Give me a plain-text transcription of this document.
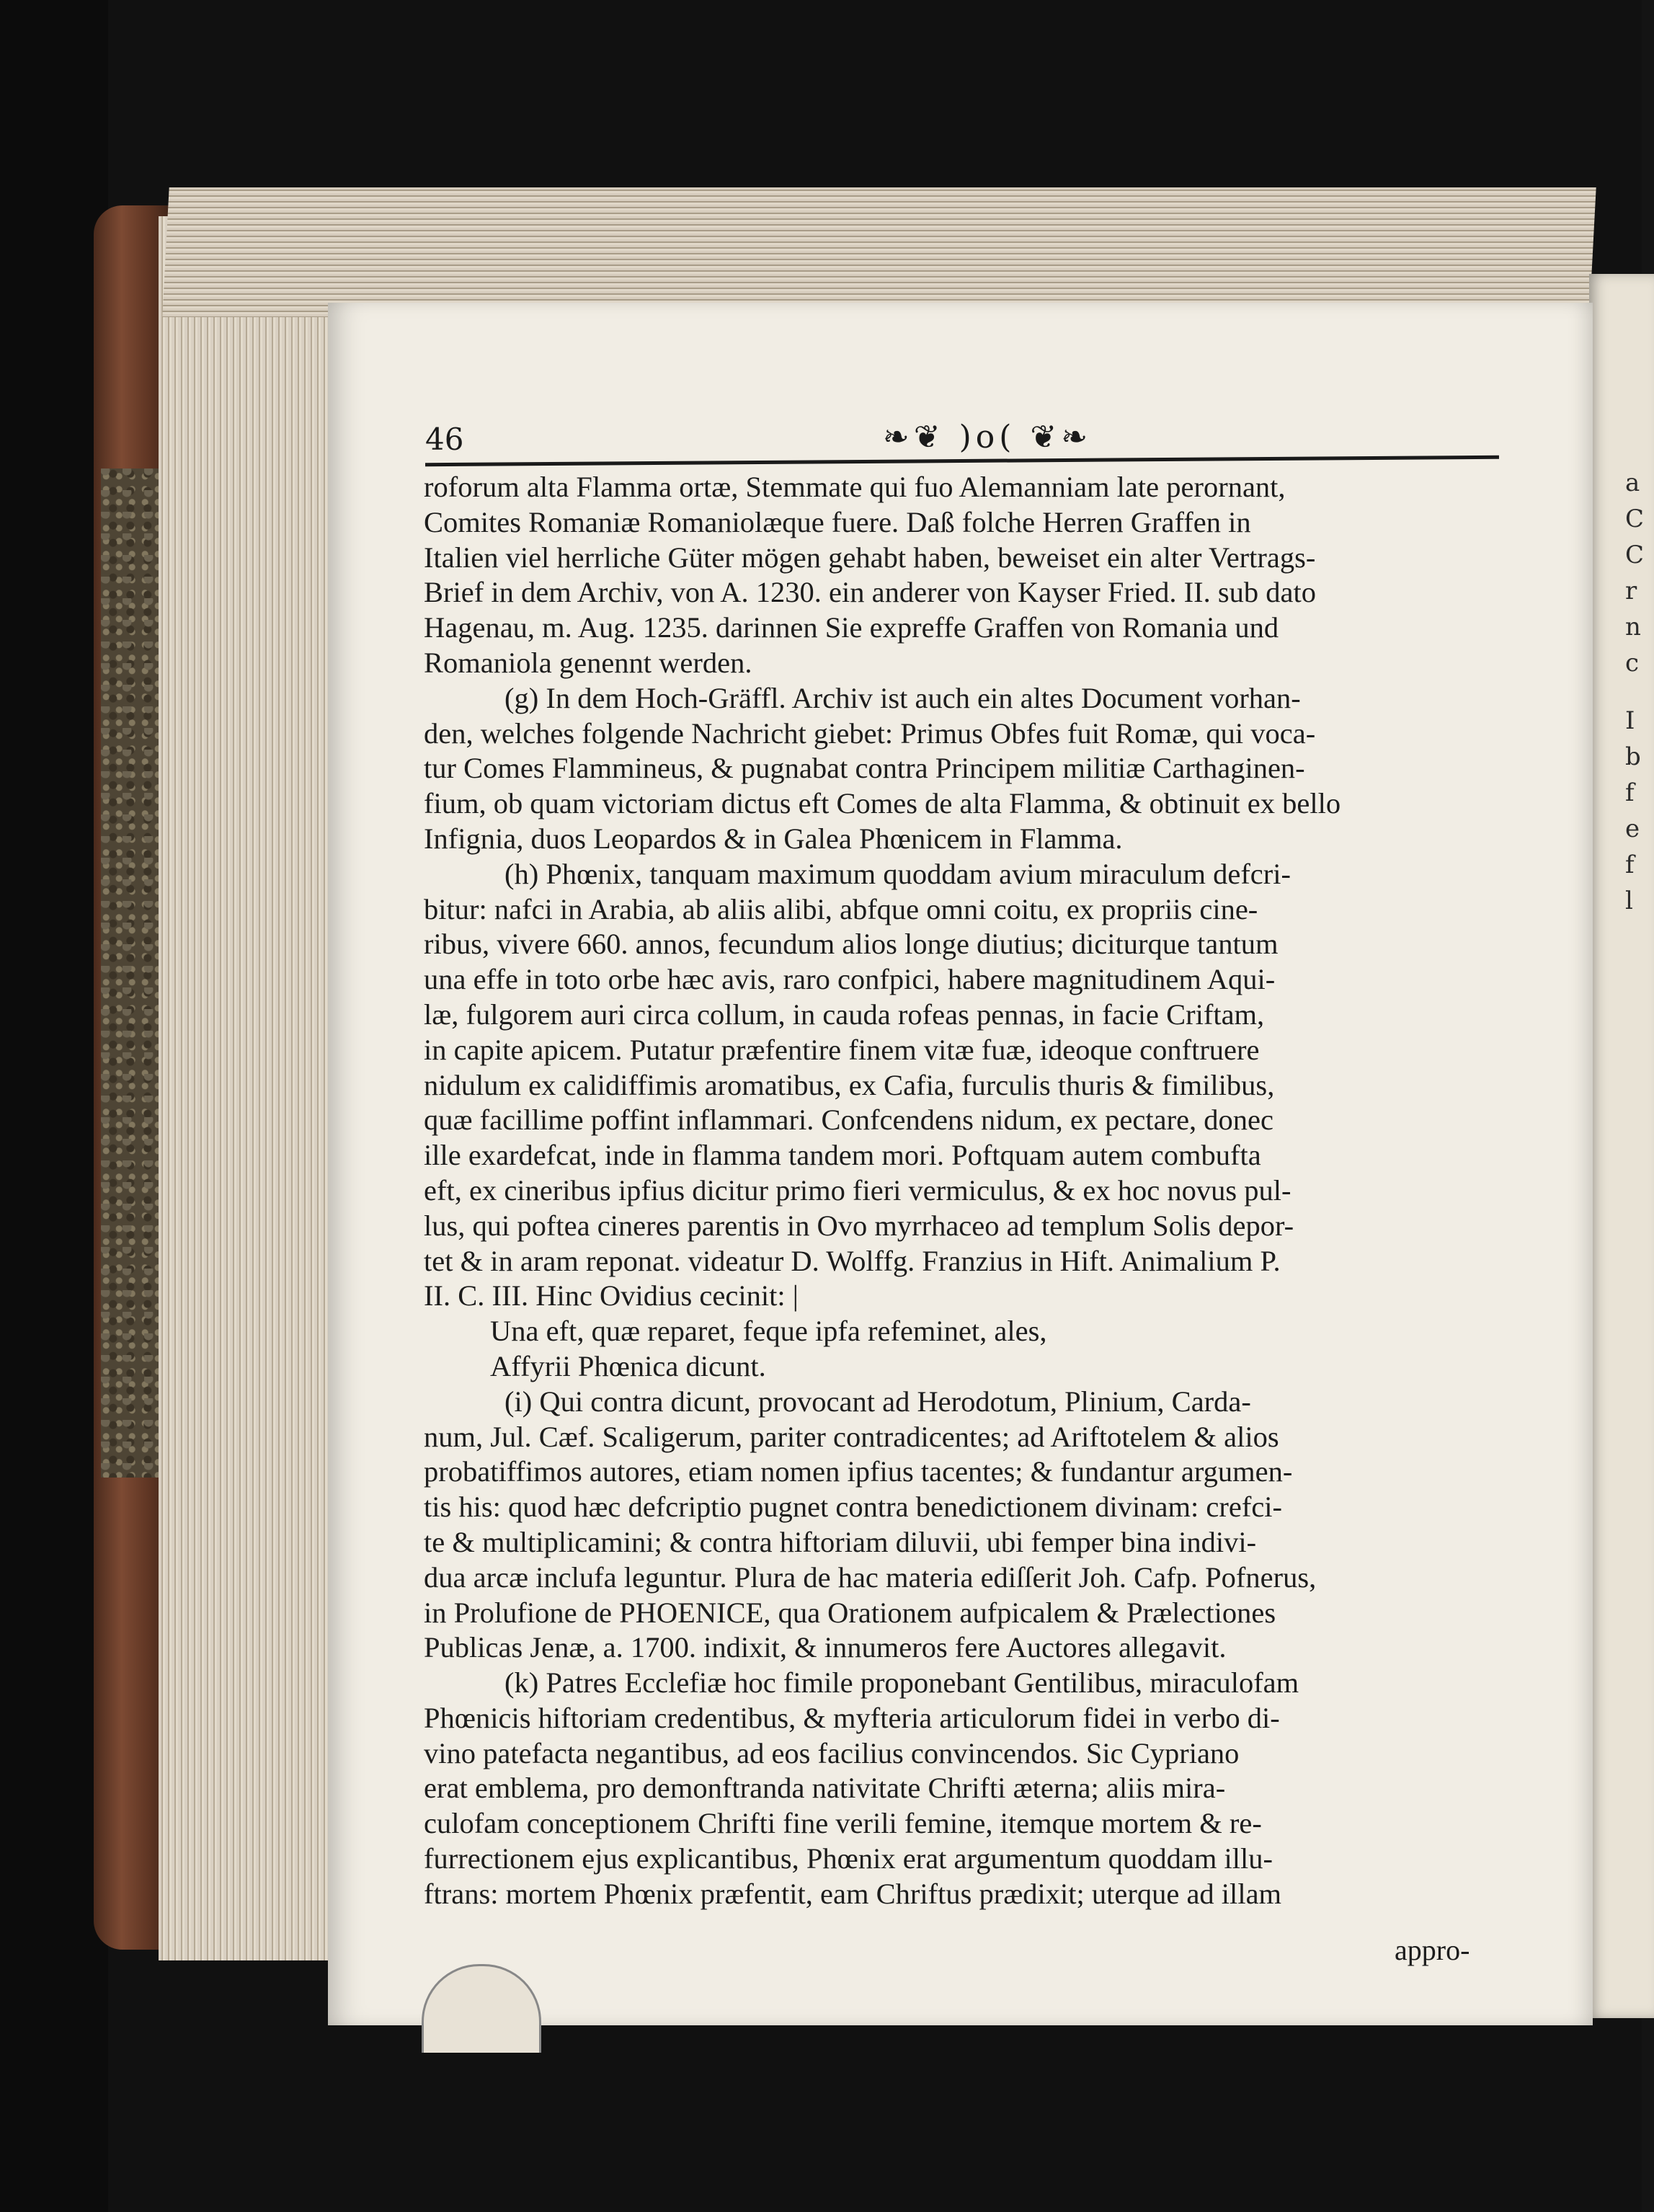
a
C
C
r
n
c
I
b
f
e
f
l
46	❧❦ )o( ❦❧
roforum alta Flamma ortæ, Stemmate qui fuo Alemanniam late perornant,
Comites Romaniæ Romaniolæque fuere. Daß folche Herren Graffen in
Italien viel herrliche Güter mögen gehabt haben, beweiset ein alter Vertrags-
Brief in dem Archiv, von A. 1230. ein anderer von Kayser Fried. II. sub dato
Hagenau, m. Aug. 1235. darinnen Sie expreffe Graffen von Romania und
Romaniola genennt werden.
(g) In dem Hoch-Gräffl. Archiv ist auch ein altes Document vorhan-
den, welches folgende Nachricht giebet: Primus Obfes fuit Romæ, qui voca-
tur Comes Flammineus, & pugnabat contra Principem militiæ Carthaginen-
fium, ob quam victoriam dictus eft Comes de alta Flamma, & obtinuit ex bello
Infignia, duos Leopardos & in Galea Phœnicem in Flamma.
(h) Phœnix, tanquam maximum quoddam avium miraculum defcri-
bitur: nafci in Arabia, ab aliis alibi, abfque omni coitu, ex propriis cine-
ribus, vivere 660. annos, fecundum alios longe diutius; diciturque tantum
una effe in toto orbe hæc avis, raro confpici, habere magnitudinem Aqui-
læ, fulgorem auri circa collum, in cauda rofeas pennas, in facie Criftam,
in capite apicem. Putatur præfentire finem vitæ fuæ, ideoque conftruere
nidulum ex calidiffimis aromatibus, ex Cafia, furculis thuris & fimilibus,
quæ facillime poffint inflammari. Confcendens nidum, ex pectare, donec
ille exardefcat, inde in flamma tandem mori. Poftquam autem combufta
eft, ex cineribus ipfius dicitur primo fieri vermiculus, & ex hoc novus pul-
lus, qui poftea cineres parentis in Ovo myrrhaceo ad templum Solis depor-
tet & in aram reponat. videatur D. Wolffg. Franzius in Hift. Animalium P.
II. C. III. Hinc Ovidius cecinit: |
Una eft, quæ reparet, feque ipfa refeminet, ales,
Affyrii Phœnica dicunt.
(i) Qui contra dicunt, provocant ad Herodotum, Plinium, Carda-
num, Jul. Cæf. Scaligerum, pariter contradicentes; ad Ariftotelem & alios
probatiffimos autores, etiam nomen ipfius tacentes; & fundantur argumen-
tis his: quod hæc defcriptio pugnet contra benedictionem divinam: crefci-
te & multiplicamini; & contra hiftoriam diluvii, ubi femper bina indivi-
dua arcæ inclufa leguntur. Plura de hac materia ediſſerit Joh. Cafp. Pofnerus,
in Prolufione de PHOENICE, qua Orationem aufpicalem & Prælectiones
Publicas Jenæ, a. 1700. indixit, & innumeros fere Auctores allegavit.
(k) Patres Ecclefiæ hoc fimile proponebant Gentilibus, miraculofam
Phœnicis hiftoriam credentibus, & myfteria articulorum fidei in verbo di-
vino patefacta negantibus, ad eos facilius convincendos. Sic Cypriano
erat emblema, pro demonftranda nativitate Chrifti æterna; aliis mira-
culofam conceptionem Chrifti fine verili femine, itemque mortem & re-
furrectionem ejus explicantibus, Phœnix erat argumentum quoddam illu-
ftrans: mortem Phœnix præfentit, eam Chriftus prædixit; uterque ad illam
appro-
